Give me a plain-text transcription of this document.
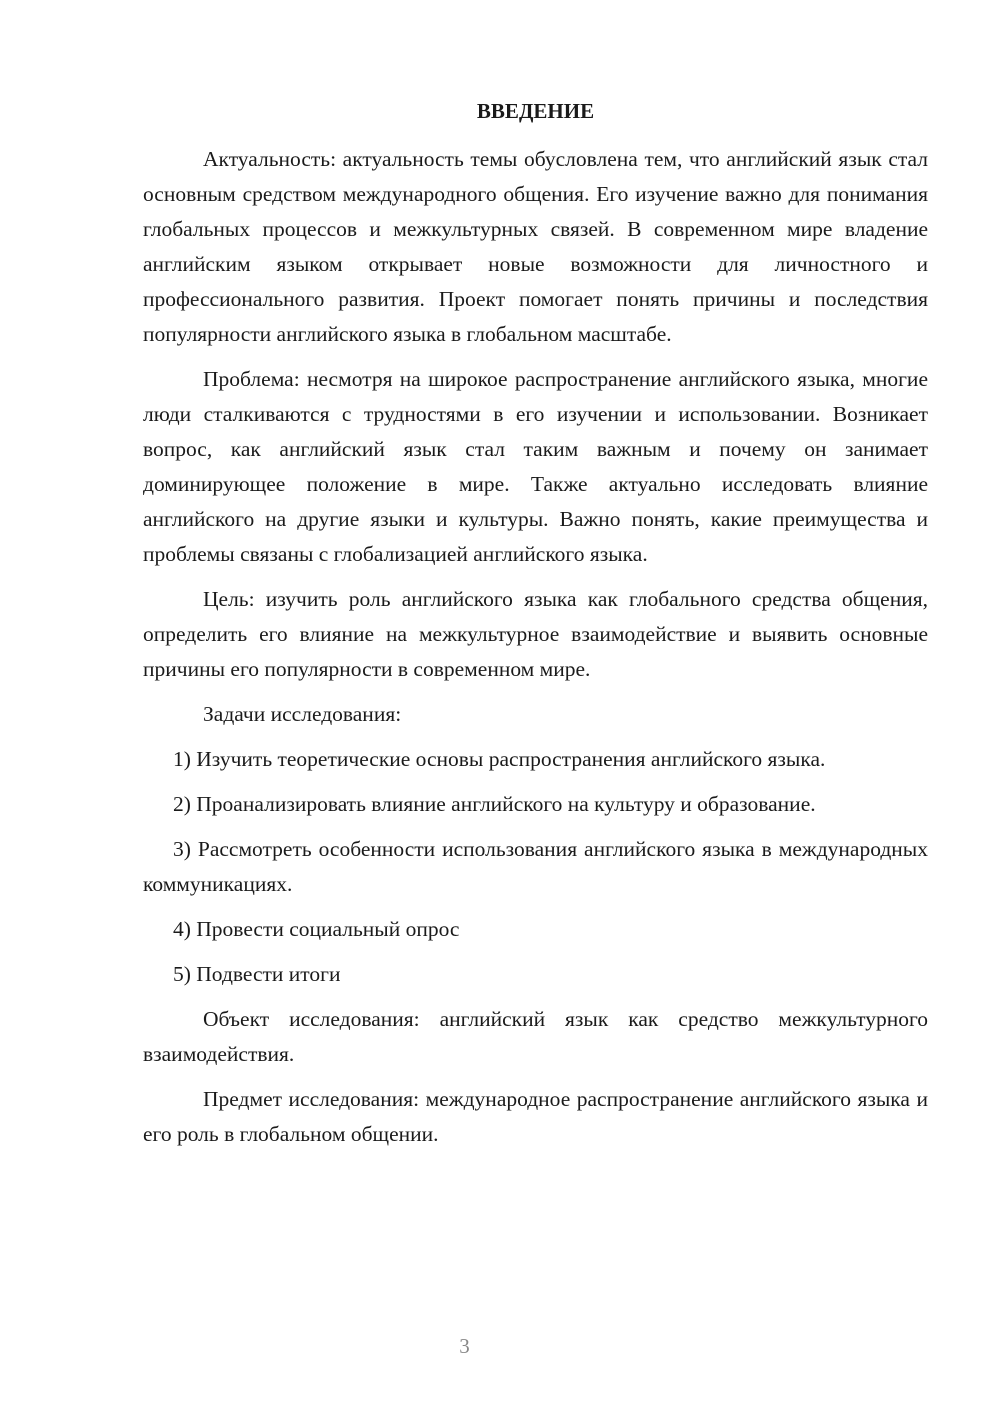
ВВЕДЕНИЕ

Актуальность: актуальность темы обусловлена тем, что английский язык стал основным средством международного общения. Его изучение важно для понимания глобальных процессов и межкультурных связей. В современном мире владение английским языком открывает новые возможности для личностного и профессионального развития. Проект помогает понять причины и последствия популярности английского языка в глобальном масштабе.

Проблема: несмотря на широкое распространение английского языка, многие люди сталкиваются с трудностями в его изучении и использовании. Возникает вопрос, как английский язык стал таким важным и почему он занимает доминирующее положение в мире. Также актуально исследовать влияние английского на другие языки и культуры. Важно понять, какие преимущества и проблемы связаны с глобализацией английского языка.

Цель: изучить роль английского языка как глобального средства общения, определить его влияние на межкультурное взаимодействие и выявить основные причины его популярности в современном мире.

Задачи исследования:

1) Изучить теоретические основы распространения английского языка.

2) Проанализировать влияние английского на культуру и образование.

3) Рассмотреть особенности использования английского языка в международных коммуникациях.

4) Провести социальный опрос

5) Подвести итоги

Объект исследования: английский язык как средство межкультурного взаимодействия.

Предмет исследования: международное распространение английского языка и его роль в глобальном общении.

3
